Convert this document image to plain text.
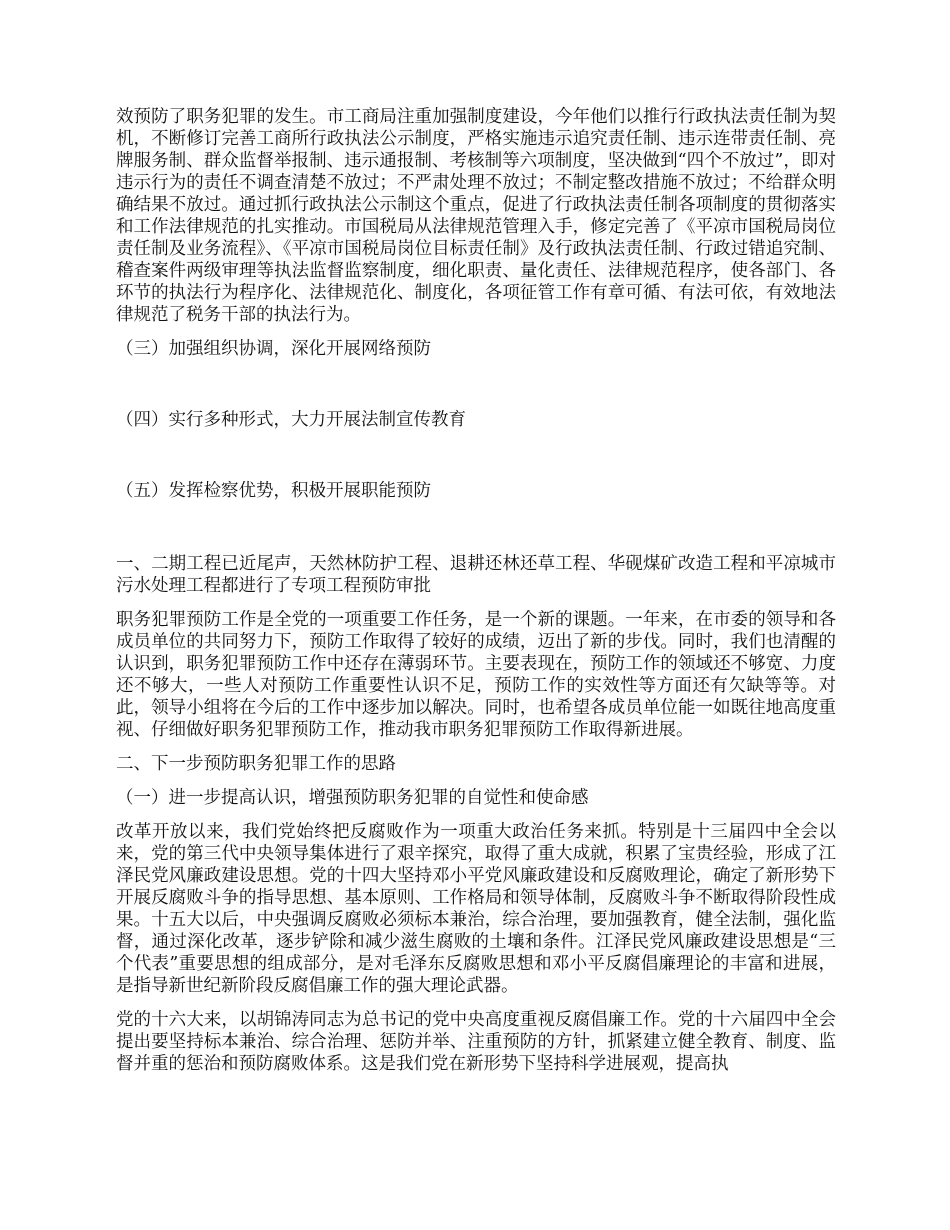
效预防了职务犯罪的发生。市工商局注重加强制度建设，今年他们以推行行政执法责任制为契机，不断修订完善工商所行政执法公示制度，严格实施违示追究责任制、违示连带责任制、亮牌服务制、群众监督举报制、违示通报制、考核制等六项制度，坚决做到“四个不放过”，即对违示行为的责任不调查清楚不放过；不严肃处理不放过；不制定整改措施不放过；不给群众明确结果不放过。通过抓行政执法公示制这个重点，促进了行政执法责任制各项制度的贯彻落实和工作法律规范的扎实推动。市国税局从法律规范管理入手，修定完善了《平凉市国税局岗位责任制及业务流程》、《平凉市国税局岗位目标责任制》及行政执法责任制、行政过错追究制、稽查案件两级审理等执法监督监察制度，细化职责、量化责任、法律规范程序，使各部门、各环节的执法行为程序化、法律规范化、制度化，各项征管工作有章可循、有法可依，有效地法律规范了税务干部的执法行为。

（三）加强组织协调，深化开展网络预防

（四）实行多种形式，大力开展法制宣传教育

（五）发挥检察优势，积极开展职能预防

一、二期工程已近尾声，天然林防护工程、退耕还林还草工程、华砚煤矿改造工程和平凉城市污水处理工程都进行了专项工程预防审批

职务犯罪预防工作是全党的一项重要工作任务，是一个新的课题。一年来，在市委的领导和各成员单位的共同努力下，预防工作取得了较好的成绩，迈出了新的步伐。同时，我们也清醒的认识到，职务犯罪预防工作中还存在薄弱环节。主要表现在，预防工作的领域还不够宽、力度还不够大，一些人对预防工作重要性认识不足，预防工作的实效性等方面还有欠缺等等。对此，领导小组将在今后的工作中逐步加以解决。同时，也希望各成员单位能一如既往地高度重视、仔细做好职务犯罪预防工作，推动我市职务犯罪预防工作取得新进展。

二、下一步预防职务犯罪工作的思路

（一）进一步提高认识，增强预防职务犯罪的自觉性和使命感

改革开放以来，我们党始终把反腐败作为一项重大政治任务来抓。特别是十三届四中全会以来，党的第三代中央领导集体进行了艰辛探究，取得了重大成就，积累了宝贵经验，形成了江泽民党风廉政建设思想。党的十四大坚持邓小平党风廉政建设和反腐败理论，确定了新形势下开展反腐败斗争的指导思想、基本原则、工作格局和领导体制，反腐败斗争不断取得阶段性成果。十五大以后，中央强调反腐败必须标本兼治，综合治理，要加强教育，健全法制，强化监督，通过深化改革，逐步铲除和减少滋生腐败的土壤和条件。江泽民党风廉政建设思想是“三个代表”重要思想的组成部分，是对毛泽东反腐败思想和邓小平反腐倡廉理论的丰富和进展，是指导新世纪新阶段反腐倡廉工作的强大理论武器。

党的十六大来，以胡锦涛同志为总书记的党中央高度重视反腐倡廉工作。党的十六届四中全会提出要坚持标本兼治、综合治理、惩防并举、注重预防的方针，抓紧建立健全教育、制度、监督并重的惩治和预防腐败体系。这是我们党在新形势下坚持科学进展观，提高执
